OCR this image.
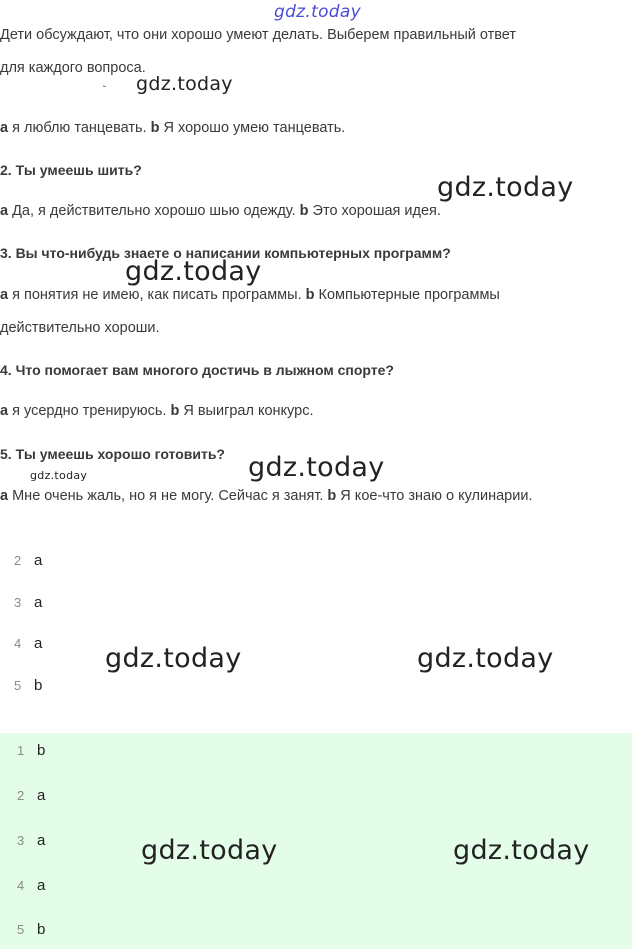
gdz.today
Дети обсуждают, что они хорошо умеют делать. Выберем правильный ответ
для каждого вопроса.
˘ gdz.today
а я люблю танцевать. b Я хорошо умею танцевать.
2. Ты умеешь шить?
gdz.today
а Да, я действительно хорошо шью одежду. b Это хорошая идея.
3. Вы что-нибудь знаете о написании компьютерных программ?
gdz.today
а я понятия не имею, как писать программы. b Компьютерные программы
действительно хороши.
4. Что помогает вам многого достичь в лыжном спорте?
а я усердно тренируюсь. b Я выиграл конкурс.
5. Ты умеешь хорошо готовить?
gdz.today	gdz.today
а Мне очень жаль, но я не могу. Сейчас я занят. b Я кое-что знаю о кулинарии.
2 a
3 a
4 a
5 b
gdz.today	gdz.today
1 b
2 a
3 a
4 a
5 b
gdz.today	gdz.today
